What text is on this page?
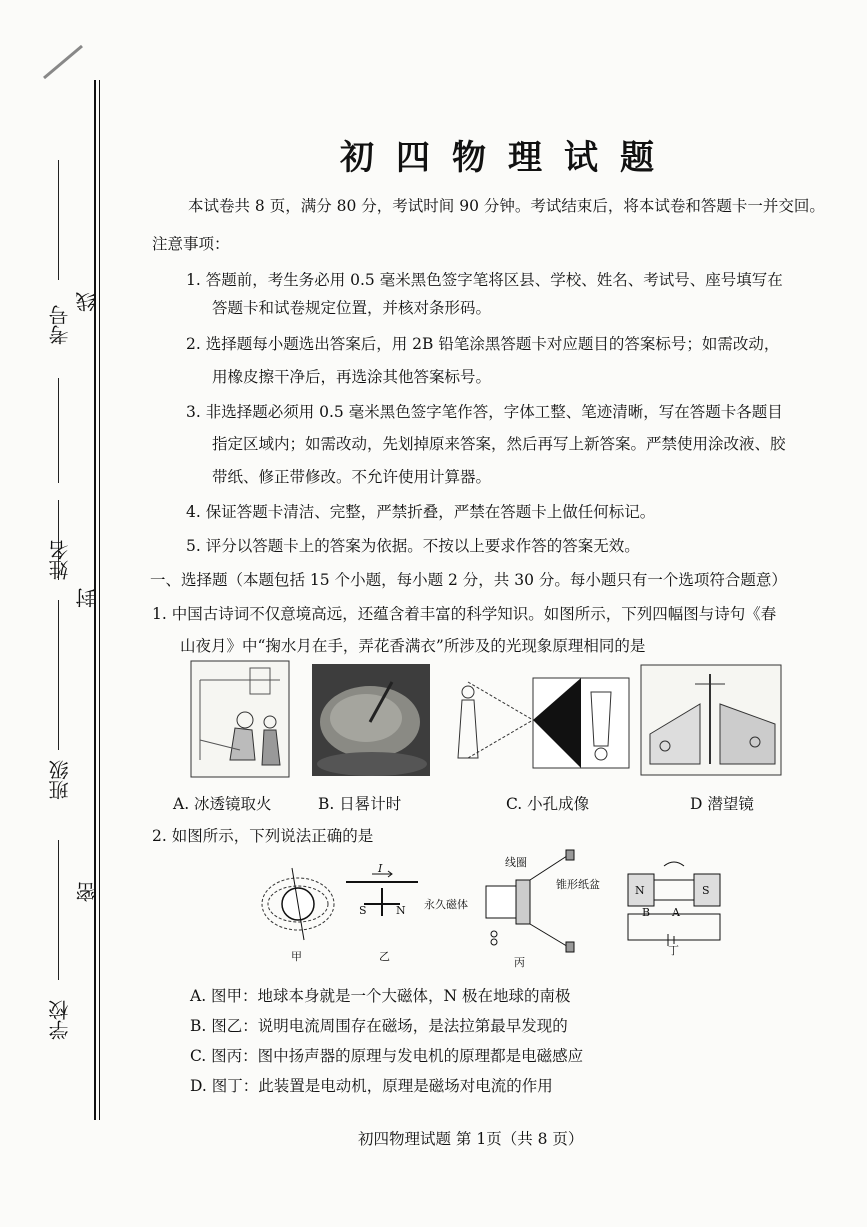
考号
姓名
班级
学校
线
封
密
初四物理试题
本试卷共 8 页，满分 80 分，考试时间 90 分钟。考试结束后，将本试卷和答题卡一并交回。
注意事项：
1. 答题前，考生务必用 0.5 毫米黑色签字笔将区县、学校、姓名、考试号、座号填写在
答题卡和试卷规定位置，并核对条形码。
2. 选择题每小题选出答案后，用 2B 铅笔涂黑答题卡对应题目的答案标号；如需改动，
用橡皮擦干净后，再选涂其他答案标号。
3. 非选择题必须用 0.5 毫米黑色签字笔作答，字体工整、笔迹清晰，写在答题卡各题目
指定区域内；如需改动，先划掉原来答案，然后再写上新答案。严禁使用涂改液、胶
带纸、修正带修改。不允许使用计算器。
4. 保证答题卡清洁、完整，严禁折叠，严禁在答题卡上做任何标记。
5. 评分以答题卡上的答案为依据。不按以上要求作答的答案无效。
一、选择题（本题包括 15 个小题，每小题 2 分，共 30 分。每小题只有一个选项符合题意）
1. 中国古诗词不仅意境高远，还蕴含着丰富的科学知识。如图所示，下列四幅图与诗句《春
山夜月》中“掬水月在手，弄花香满衣”所涉及的光现象原理相同的是
A. 冰透镜取火	B. 日晷计时	C. 小孔成像	D 潜望镜
2. 如图所示，下列说法正确的是
甲
I
S	N
乙
线圈
锥形纸盆
永久磁体
丙
N	S
B A
丁
A. 图甲：地球本身就是一个大磁体，N 极在地球的南极
B. 图乙：说明电流周围存在磁场，是法拉第最早发现的
C. 图丙：图中扬声器的原理与发电机的原理都是电磁感应
D. 图丁：此装置是电动机，原理是磁场对电流的作用
初四物理试题 第 1页（共 8 页）
